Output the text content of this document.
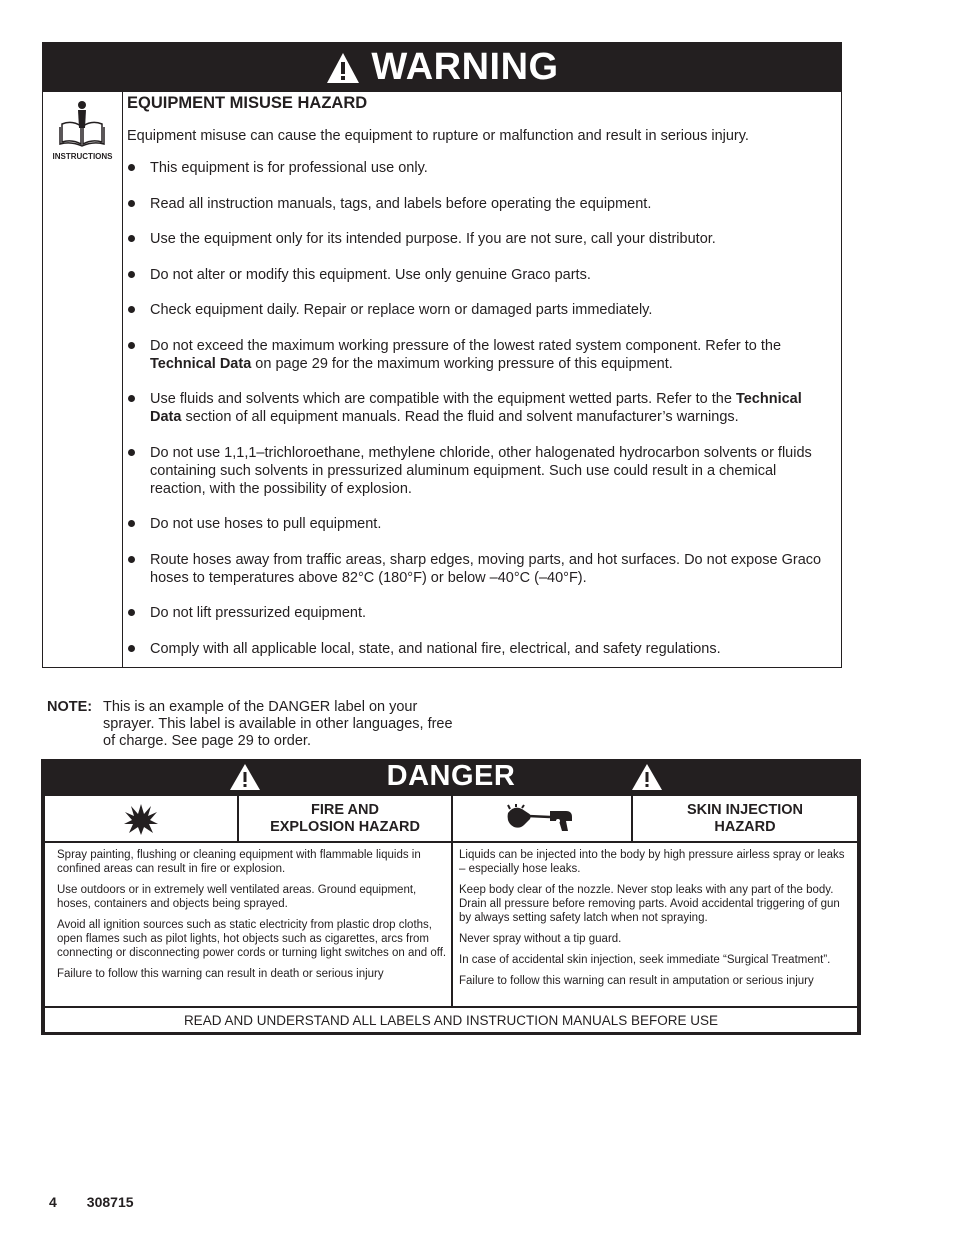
WARNING
INSTRUCTIONS
EQUIPMENT MISUSE HAZARD

Equipment misuse can cause the equipment to rupture or malfunction and result in serious injury.

This equipment is for professional use only.
Read all instruction manuals, tags, and labels before operating the equipment.
Use the equipment only for its intended purpose. If you are not sure, call your distributor.
Do not alter or modify this equipment. Use only genuine Graco parts.
Check equipment daily. Repair or replace worn or damaged parts immediately.
Do not exceed the maximum working pressure of the lowest rated system component. Refer to the Technical Data on page 29 for the maximum working pressure of this equipment.
Use fluids and solvents which are compatible with the equipment wetted parts. Refer to the Technical Data section of all equipment manuals. Read the fluid and solvent manufacturer’s warnings.
Do not use 1,1,1–trichloroethane, methylene chloride, other halogenated hydrocarbon solvents or fluids containing such solvents in pressurized aluminum equipment. Such use could result in a chemical reaction, with the possibility of explosion.
Do not use hoses to pull equipment.
Route hoses away from traffic areas, sharp edges, moving parts, and hot surfaces. Do not expose Graco hoses to temperatures above 82°C (180°F) or below –40°C (–40°F).
Do not lift pressurized equipment.
Comply with all applicable local, state, and national fire, electrical, and safety regulations.
NOTE: This is an example of the DANGER label on your sprayer. This label is available in other languages, free of charge. See page 29 to order.
DANGER
FIRE AND
EXPLOSION HAZARD
SKIN INJECTION
HAZARD

Spray painting, flushing or cleaning equipment with flammable liquids in confined areas can result in fire or explosion.

Use outdoors or in extremely well ventilated areas. Ground equipment, hoses, containers and objects being sprayed.

Avoid all ignition sources such as static electricity from plastic drop cloths, open flames such as pilot lights, hot objects such as cigarettes, arcs from connecting or disconnecting power cords or turning light switches on and off.

Failure to follow this warning can result in death or serious injury

Liquids can be injected into the body by high pressure airless spray or leaks – especially hose leaks.

Keep body clear of the nozzle. Never stop leaks with any part of the body. Drain all pressure before removing parts. Avoid accidental triggering of gun by always setting safety latch when not spraying.

Never spray without a tip guard.

In case of accidental skin injection, seek immediate “Surgical Treatment”.

Failure to follow this warning can result in amputation or serious injury

READ AND UNDERSTAND ALL LABELS AND INSTRUCTION MANUALS BEFORE USE
4 308715
